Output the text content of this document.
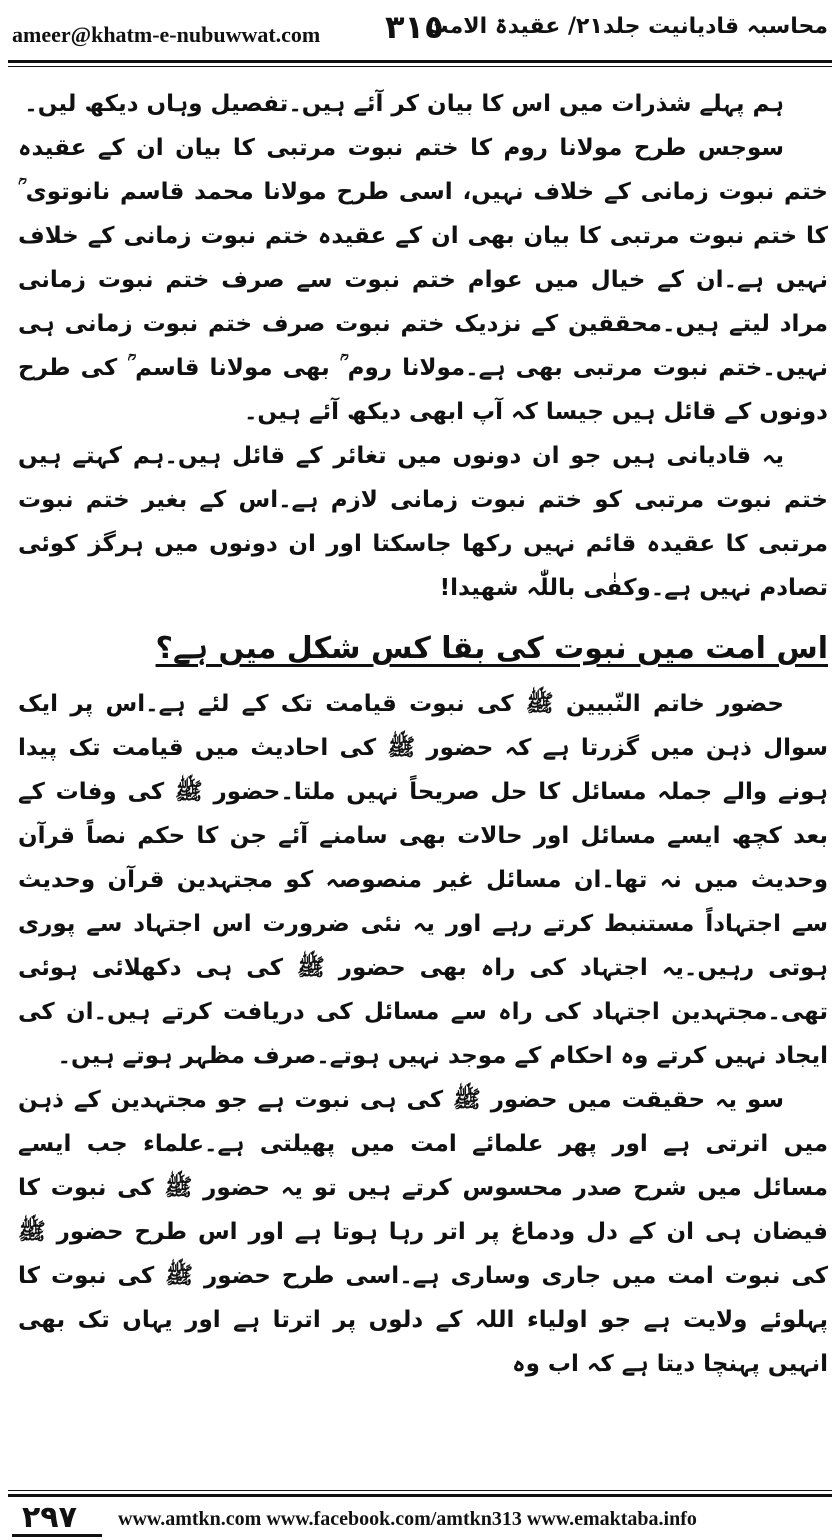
ameer@khatm-e-nubuwwat.com ٣١٥
محاسبہ قادیانیت جلد۲۱/ عقیدۃ الامت

ہم پہلے شذرات میں اس کا بیان کر آئے ہیں۔تفصیل وہاں دیکھ لیں۔

سوجس طرح مولانا روم کا ختم نبوت مرتبی کا بیان ان کے عقیدہ ختم نبوت زمانی کے خلاف نہیں، اسی طرح مولانا محمد قاسم نانوتوی ؒ کا ختم نبوت مرتبی کا بیان بھی ان کے عقیدہ ختم نبوت زمانی کے خلاف نہیں ہے۔ان کے خیال میں عوام ختم نبوت سے صرف ختم نبوت زمانی مراد لیتے ہیں۔محققین کے نزدیک ختم نبوت صرف ختم نبوت زمانی ہی نہیں۔ختم نبوت مرتبی بھی ہے۔مولانا روم ؒ بھی مولانا قاسم ؒ کی طرح دونوں کے قائل ہیں جیسا کہ آپ ابھی دیکھ آئے ہیں۔

یہ قادیانی ہیں جو ان دونوں میں تغائر کے قائل ہیں۔ہم کہتے ہیں ختم نبوت مرتبی کو ختم نبوت زمانی لازم ہے۔اس کے بغیر ختم نبوت مرتبی کا عقیدہ قائم نہیں رکھا جاسکتا اور ان دونوں میں ہرگز کوئی تصادم نہیں ہے۔وکفٰی باللّٰہ شھیدا!

اس امت میں نبوت کی بقا کس شکل میں ہے؟

حضور خاتم النّبیین ﷺ کی نبوت قیامت تک کے لئے ہے۔اس پر ایک سوال ذہن میں گزرتا ہے کہ حضور ﷺ کی احادیث میں قیامت تک پیدا ہونے والے جملہ مسائل کا حل صریحاً نہیں ملتا۔حضور ﷺ کی وفات کے بعد کچھ ایسے مسائل اور حالات بھی سامنے آئے جن کا حکم نصاً قرآن وحدیث میں نہ تھا۔ان مسائل غیر منصوصہ کو مجتہدین قرآن وحدیث سے اجتہاداً مستنبط کرتے رہے اور یہ نئی ضرورت اس اجتہاد سے پوری ہوتی رہیں۔یہ اجتہاد کی راہ بھی حضور ﷺ کی ہی دکھلائی ہوئی تھی۔مجتہدین اجتہاد کی راہ سے مسائل کی دریافت کرتے ہیں۔ان کی ایجاد نہیں کرتے وہ احکام کے موجد نہیں ہوتے۔صرف مظہر ہوتے ہیں۔

سو یہ حقیقت میں حضور ﷺ کی ہی نبوت ہے جو مجتہدین کے ذہن میں اترتی ہے اور پھر علمائے امت میں پھیلتی ہے۔علماء جب ایسے مسائل میں شرح صدر محسوس کرتے ہیں تو یہ حضور ﷺ کی نبوت کا فیضان ہی ان کے دل ودماغ پر اتر رہا ہوتا ہے اور اس طرح حضور ﷺ کی نبوت امت میں جاری وساری ہے۔اسی طرح حضور ﷺ کی نبوت کا پہلوئے ولایت ہے جو اولیاء اللہ کے دلوں پر اترتا ہے اور یہاں تک بھی انہیں پہنچا دیتا ہے کہ اب وہ

۲۹۷ www.amtkn.com www.facebook.com/amtkn313 www.emaktaba.info
